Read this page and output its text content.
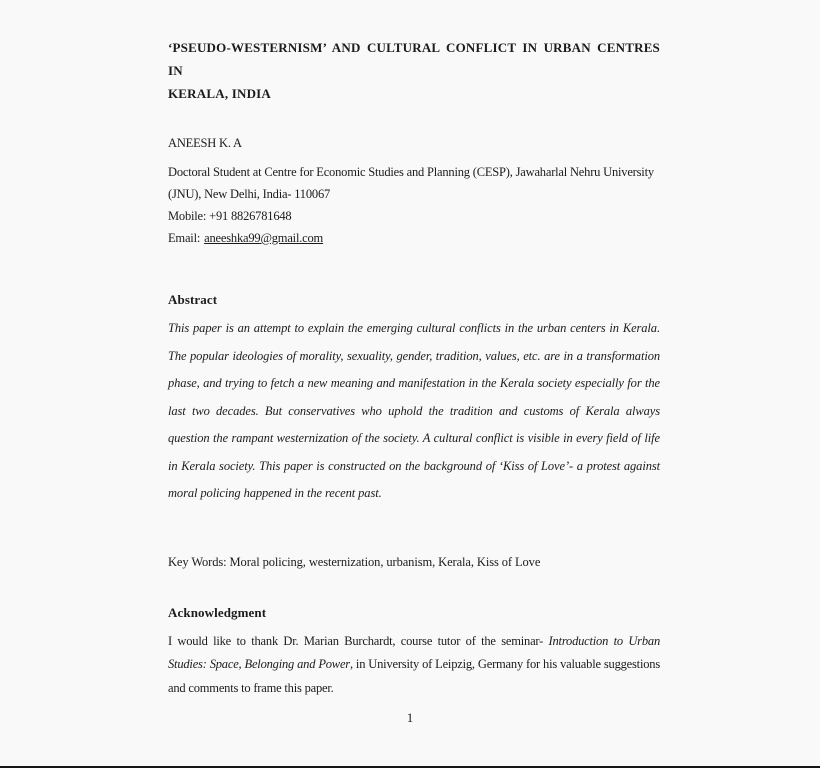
‘PSEUDO-WESTERNISM’ AND CULTURAL CONFLICT IN URBAN CENTRES IN
KERALA, INDIA
ANEESH K. A
Doctoral Student at Centre for Economic Studies and Planning (CESP), Jawaharlal Nehru University
(JNU), New Delhi, India- 110067
Mobile: +91 8826781648
Email: aneeshka99@gmail.com
Abstract
This paper is an attempt to explain the emerging cultural conflicts in the urban centers in Kerala. The popular ideologies of morality, sexuality, gender, tradition, values, etc. are in a transformation phase, and trying to fetch a new meaning and manifestation in the Kerala society especially for the last two decades. But conservatives who uphold the tradition and customs of Kerala always question the rampant westernization of the society. A cultural conflict is visible in every field of life in Kerala society. This paper is constructed on the background of ‘Kiss of Love’- a protest against moral policing happened in the recent past.
Key Words: Moral policing, westernization, urbanism, Kerala, Kiss of Love
Acknowledgment
I would like to thank Dr. Marian Burchardt, course tutor of the seminar- Introduction to Urban Studies: Space, Belonging and Power, in University of Leipzig, Germany for his valuable suggestions and comments to frame this paper.
1
